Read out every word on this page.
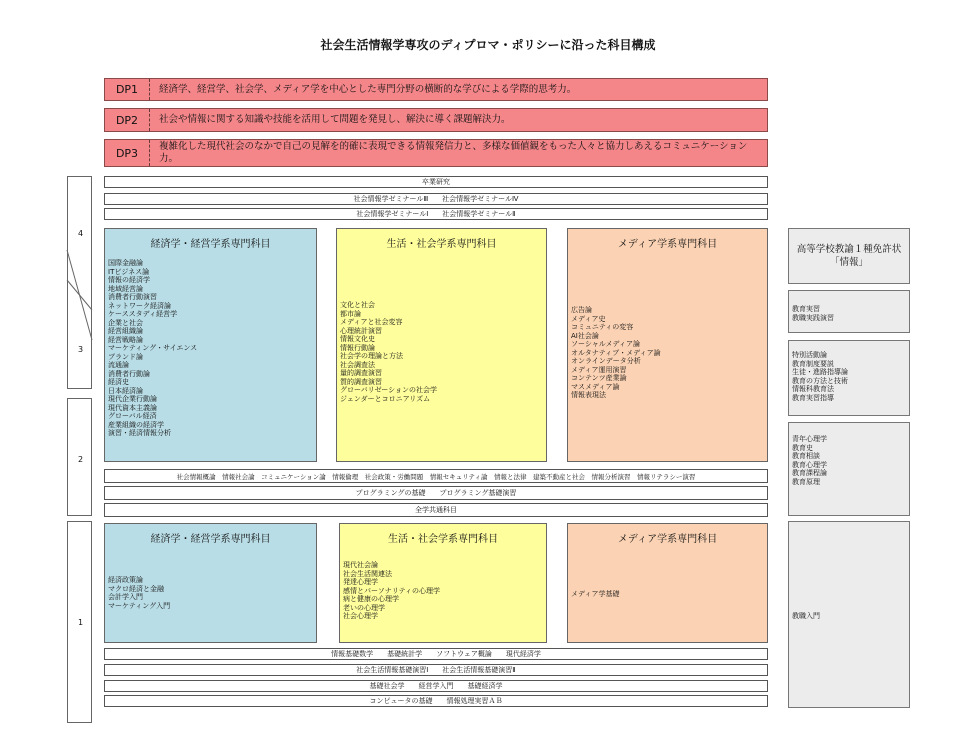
社会生活情報学専攻のディプロマ・ポリシーに沿った科目構成
DP1	経済学、経営学、社会学、メディア学を中心とした専門分野の横断的な学びによる学際的思考力。
DP2	社会や情報に関する知識や技能を活用して問題を発見し、解決に導く課題解決力。
DP3	複雑化した現代社会のなかで自己の見解を的確に表現できる情報発信力と、多様な価値観をもった人々と協力しあえるコミュニケーション力。
4
3
2
1
卒業研究
社会情報学ゼミナールⅢ　　社会情報学ゼミナールⅣ
社会情報学ゼミナールⅠ　　社会情報学ゼミナールⅡ
経済学・経営学系専門科目
国際金融論
ITビジネス論
情報の経済学
地域経営論
消費者行動演習
ネットワーク経済論
ケーススタディ経営学
企業と社会
経営組織論
経営戦略論
マーケティング・サイエンス
ブランド論
流通論
消費者行動論
経済史
日本経済論
現代企業行動論
現代資本主義論
グローバル経済
産業組織の経済学
演習・経済情報分析
生活・社会学系専門科目
文化と社会
都市論
メディアと社会変容
心理統計演習
情報文化史
情報行動論
社会学の理論と方法
社会調査法
量的調査演習
質的調査演習
グローバリゼーションの社会学
ジェンダーとコロニアリズム
メディア学系専門科目
広告論
メディア史
コミュニティの変容
AI社会論
ソーシャルメディア論
オルタナティブ・メディア論
オンラインデータ分析
メディア運用演習
コンテンツ産業論
マスメディア論
情報表現法
社会情報概論　情報社会論　コミュニケーション論　情報倫理　社会政策・労働問題　情報セキュリティ論　情報と法律　建築不動産と社会　情報分析演習　情報リテラシー演習
プログラミングの基礎　　プログラミング基礎演習
全学共通科目
経済学・経営学系専門科目
経済政策論
マクロ経済と金融
会計学入門
マーケティング入門
生活・社会学系専門科目
現代社会論
社会生活関連法
発達心理学
感情とパーソナリティの心理学
病と健康の心理学
老いの心理学
社会心理学
メディア学系専門科目
メディア学基礎
情報基礎数学　　基礎統計学　　ソフトウェア概論　　現代経済学
社会生活情報基礎演習Ⅰ　　社会生活情報基礎演習Ⅱ
基礎社会学　　経営学入門　　基礎経済学
コンピュータの基礎　　情報処理実習ＡＢ
高等学校教諭１種免許状「情報」
教育実習
教職実践演習
特別活動論
教育制度要説
生徒・進路指導論
教育の方法と技術
情報科教育法
教育実習指導
青年心理学
教育史
教育相談
教育心理学
教育課程論
教育原理
教職入門
